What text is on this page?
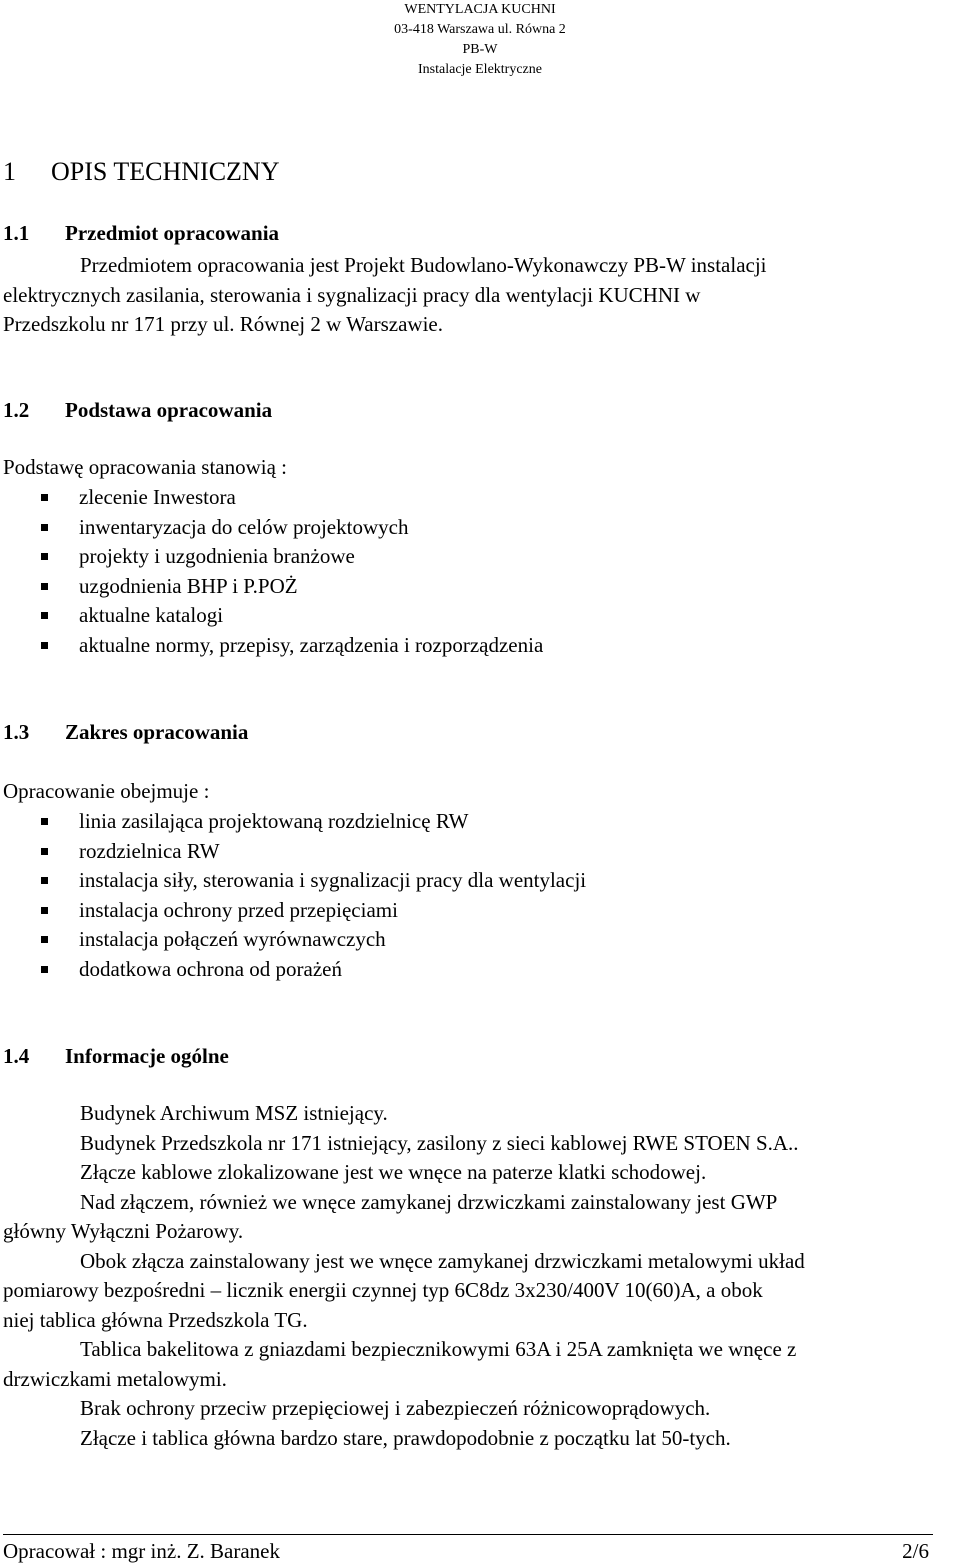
WENTYLACJA KUCHNI
03-418 Warszawa ul. Równa 2
PB-W
Instalacje Elektryczne
1 OPIS TECHNICZNY
1.1 Przedmiot opracowania
Przedmiotem opracowania jest Projekt Budowlano-Wykonawczy PB-W instalacji
elektrycznych zasilania, sterowania i sygnalizacji pracy dla wentylacji KUCHNI w
Przedszkolu nr 171 przy ul. Równej 2 w Warszawie.
1.2 Podstawa opracowania
Podstawę opracowania stanowią :
zlecenie Inwestora
inwentaryzacja do celów projektowych
projekty i uzgodnienia branżowe
uzgodnienia BHP i P.POŻ
aktualne katalogi
aktualne normy, przepisy, zarządzenia i rozporządzenia
1.3 Zakres opracowania
Opracowanie obejmuje :
linia zasilająca projektowaną rozdzielnicę RW
rozdzielnica RW
instalacja siły, sterowania i sygnalizacji pracy dla wentylacji
instalacja ochrony przed przepięciami
instalacja połączeń wyrównawczych
dodatkowa ochrona od porażeń
1.4 Informacje ogólne
Budynek Archiwum MSZ istniejący.
Budynek Przedszkola nr 171 istniejący, zasilony z sieci kablowej RWE STOEN S.A..
Złącze kablowe zlokalizowane jest we wnęce na paterze klatki schodowej.
Nad złączem, również we wnęce zamykanej drzwiczkami zainstalowany jest GWP
główny Wyłączni Pożarowy.
Obok złącza zainstalowany jest we wnęce zamykanej drzwiczkami metalowymi układ
pomiarowy bezpośredni – licznik energii czynnej typ 6C8dz 3x230/400V 10(60)A, a obok
niej tablica główna Przedszkola TG.
Tablica bakelitowa z gniazdami bezpiecznikowymi 63A i 25A zamknięta we wnęce z
drzwiczkami metalowymi.
Brak ochrony przeciw przepięciowej i zabezpieczeń różnicowoprądowych.
Złącze i tablica główna bardzo stare, prawdopodobnie z początku lat 50-tych.
Opracował : mgr inż. Z. Baranek	2/6
